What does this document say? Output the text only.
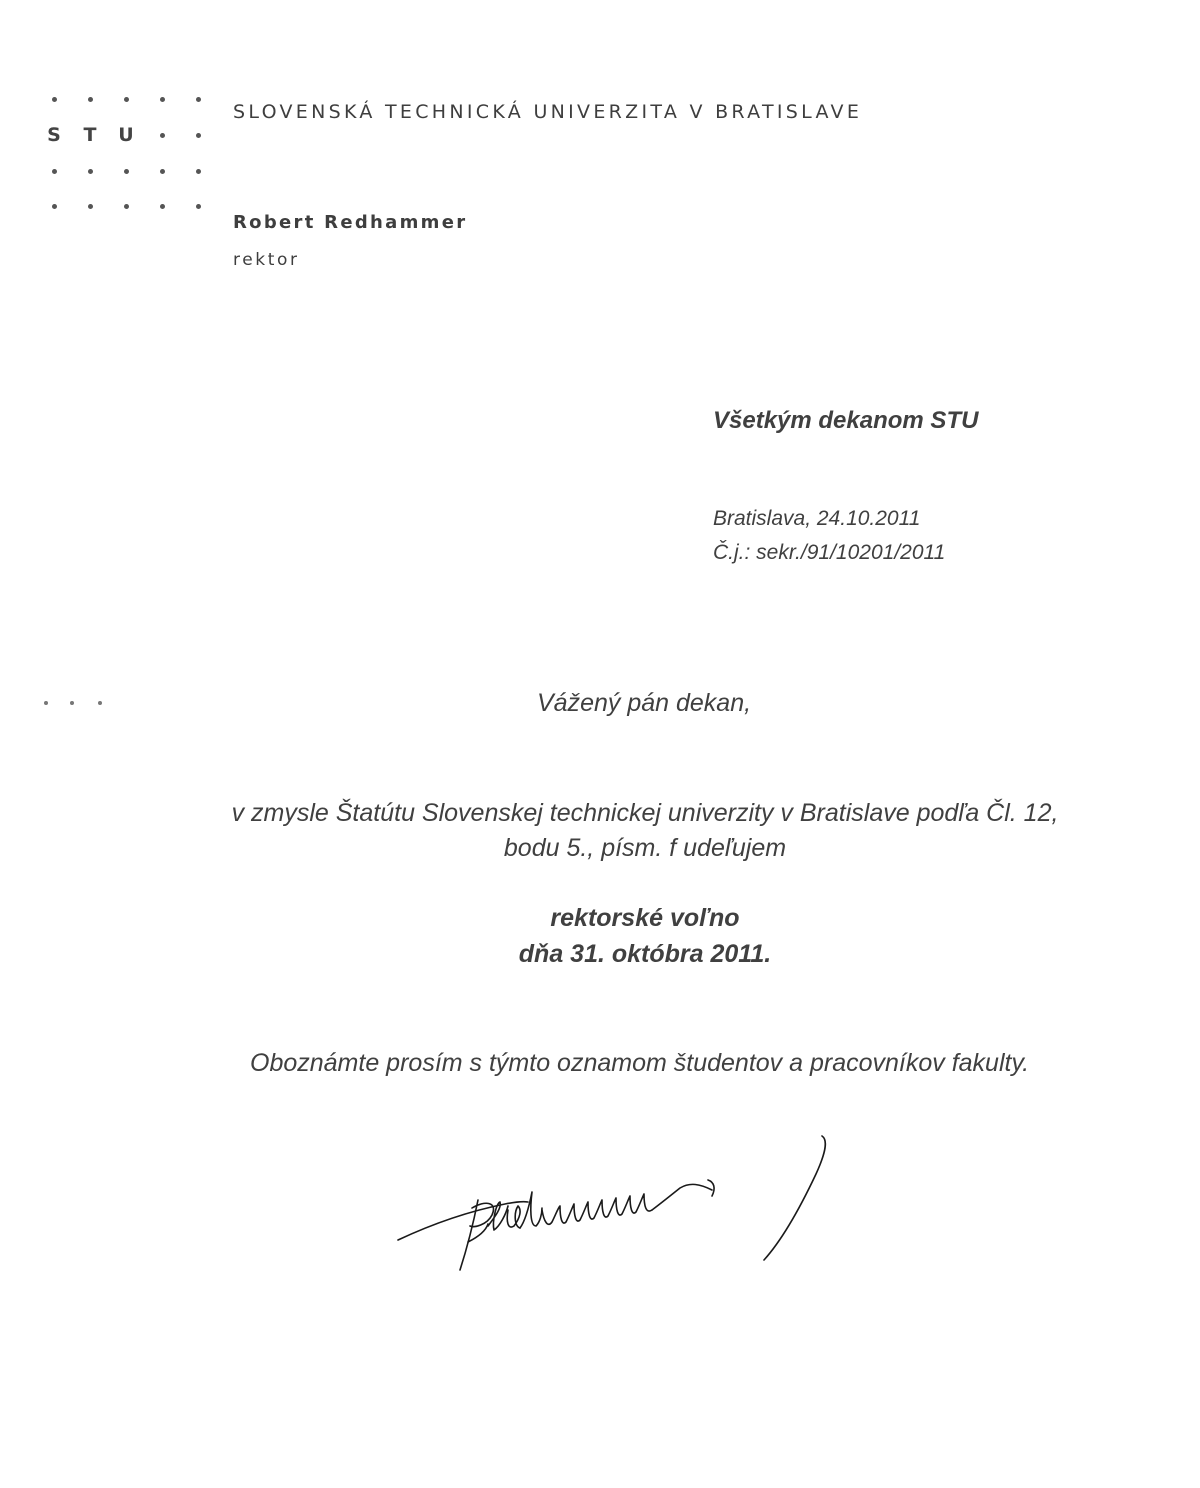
S T U
SLOVENSKÁ TECHNICKÁ UNIVERZITA V BRATISLAVE
Robert Redhammer
rektor
Všetkým dekanom STU
Bratislava, 24.10.2011
Č.j.: sekr./91/10201/2011
Vážený pán dekan,
v zmysle Štatútu Slovenskej technickej univerzity v Bratislave podľa Čl. 12,
bodu 5., písm. f udeľujem
rektorské voľno
dňa 31. októbra 2011.
Oboznámte prosím s týmto oznamom študentov a pracovníkov fakulty.
